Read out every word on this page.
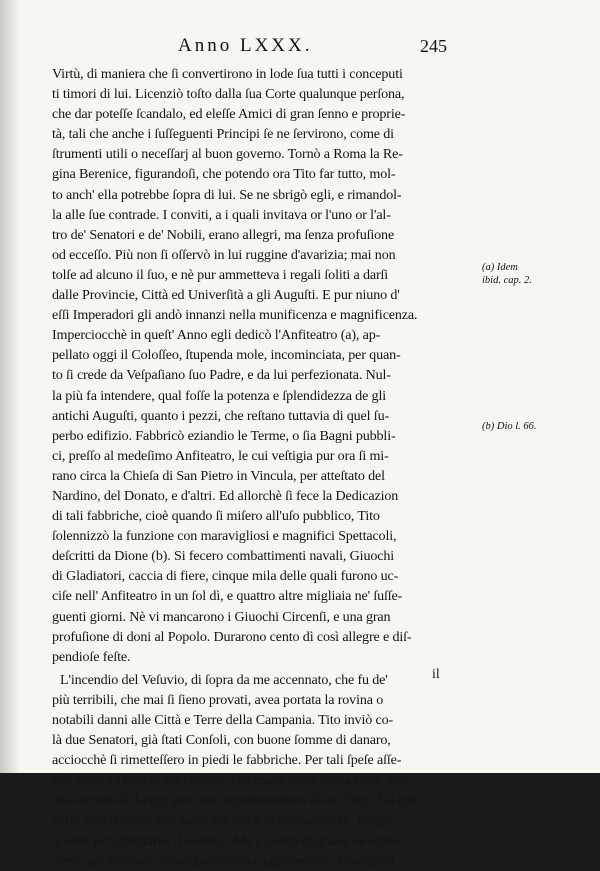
Anno LXXX.	245
Virtù, di maniera che ſi convertirono in lode ſua tutti i conceputi
ti timori di lui. Licenziò toſto dalla ſua Corte qualunque perſona,
che dar poteſſe ſcandalo, ed eleſſe Amici di gran ſenno e proprie-
tà, tali che anche i ſuſſeguenti Principi ſe ne ſervirono, come di
ſtrumenti utili o neceſſarj al buon governo. Tornò a Roma la Re-
gina Berenice, figurandoſi, che potendo ora Tito far tutto, mol-
to anch' ella potrebbe ſopra di lui. Se ne sbrigò egli, e rimandol-
la alle ſue contrade. I conviti, a i quali invitava or l'uno or l'al-
tro de' Senatori e de' Nobili, erano allegri, ma ſenza profuſione
od ecceſſo. Più non ſi oſſervò in lui ruggine d'avarizia; mai non
tolſe ad alcuno il ſuo, e nè pur ammetteva i regali ſoliti a darſi
dalle Provincie, Città ed Univerſità a gli Auguſti. E pur niuno d'
eſſi Imperadori gli andò innanzi nella munificenza e magnificenza.
Imperciocchè in queſt' Anno egli dedicò l'Anfiteatro (a), ap-
pellato oggi il Coloſſeo, ſtupenda mole, incominciata, per quan-
to ſi crede da Veſpaſiano ſuo Padre, e da lui perfezionata. Nul-
la più fa intendere, qual foſſe la potenza e ſplendidezza de gli
antichi Auguſti, quanto i pezzi, che reſtano tuttavia di quel ſu-
perbo edifizio. Fabbricò eziandio le Terme, o ſia Bagni pubbli-
ci, preſſo al medeſimo Anfiteatro, le cui veſtigia pur ora ſi mi-
rano circa la Chieſa di San Pietro in Vincula, per atteſtato del
Nardino, del Donato, e d'altri. Ed allorchè ſi fece la Dedicazion
di tali fabbriche, cioè quando ſi miſero all'uſo pubblico, Tito
ſolennizzò la funzione con maravigliosi e magnifici Spettacoli,
deſcritti da Dione (b). Si fecero combattimenti navali, Giuochi
di Gladiatori, caccia di fiere, cinque mila delle quali furono uc-
ciſe nell' Anfiteatro in un ſol dì, e quattro altre migliaia ne' ſuſſe-
guenti giorni. Nè vi mancarono i Giuochi Circenſi, e una gran
profuſione di doni al Popolo. Durarono cento dì così allegre e diſ-
pendioſe feſte.
L'incendio del Veſuvio, di ſopra da me accennato, che fu de'
più terribili, che mai ſi ſieno provati, avea portata la rovina o
notabili danni alle Città e Terre della Campania. Tito inviò co-
là due Senatori, già ſtati Conſoli, con buone ſomme di danaro,
acciocchè ſi rimetteſſero in piedi le fabbriche. Per tali ſpeſe aſſe-
gnò ancora i beni di tutti coloro, che erano morti ſenza eredi, ben-
chè ſecondo le Leggi que' beni appartreneſſero al ſuo Fiſco. Ed egli
ſteſſo colà ſi portò, non tanto per mirar la deſolazion de' luoghi,
quanto per affrettarne il ſollievo. Ma a queſta diſgrazia ne tenne
dietro un' altra non meno ſpaventoſa e lagrimevole. Attaccatoſi
il
(a) Idem
ibid. cap. 2.
(b) Dio l. 66.
